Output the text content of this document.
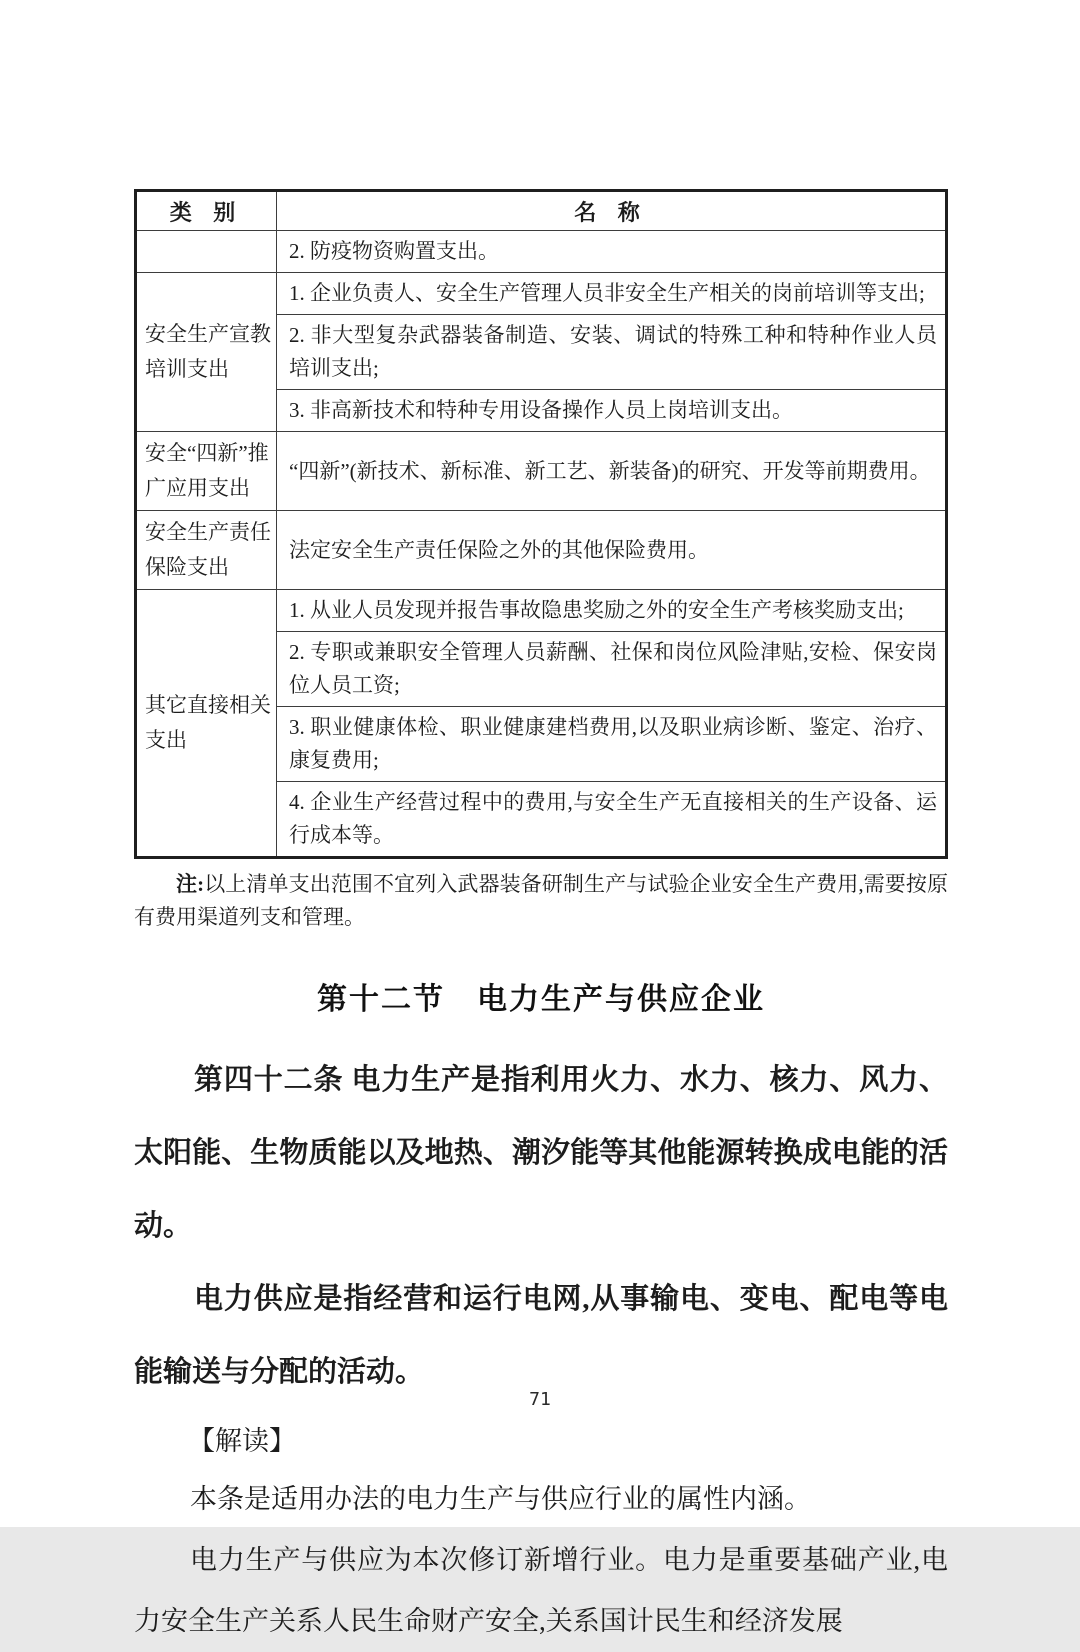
类 别	名 称
	2. 防疫物资购置支出。
安全生产宣教培训支出	1. 企业负责人、安全生产管理人员非安全生产相关的岗前培训等支出;
	2. 非大型复杂武器装备制造、安装、调试的特殊工种和特种作业人员培训支出;
	3. 非高新技术和特种专用设备操作人员上岗培训支出。
安全“四新”推广应用支出	“四新”(新技术、新标准、新工艺、新装备)的研究、开发等前期费用。
安全生产责任保险支出	法定安全生产责任保险之外的其他保险费用。
其它直接相关支出	1. 从业人员发现并报告事故隐患奖励之外的安全生产考核奖励支出;
	2. 专职或兼职安全管理人员薪酬、社保和岗位风险津贴,安检、保安岗位人员工资;
	3. 职业健康体检、职业健康建档费用,以及职业病诊断、鉴定、治疗、康复费用;
	4. 企业生产经营过程中的费用,与安全生产无直接相关的生产设备、运行成本等。

注:以上清单支出范围不宜列入武器装备研制生产与试验企业安全生产费用,需要按原有费用渠道列支和管理。

第十二节　电力生产与供应企业

第四十二条 电力生产是指利用火力、水力、核力、风力、太阳能、生物质能以及地热、潮汐能等其他能源转换成电能的活动。

电力供应是指经营和运行电网,从事输电、变电、配电等电能输送与分配的活动。

【解读】

本条是适用办法的电力生产与供应行业的属性内涵。

电力生产与供应为本次修订新增行业。电力是重要基础产业,电力安全生产关系人民生命财产安全,关系国计民生和经济发展

71
